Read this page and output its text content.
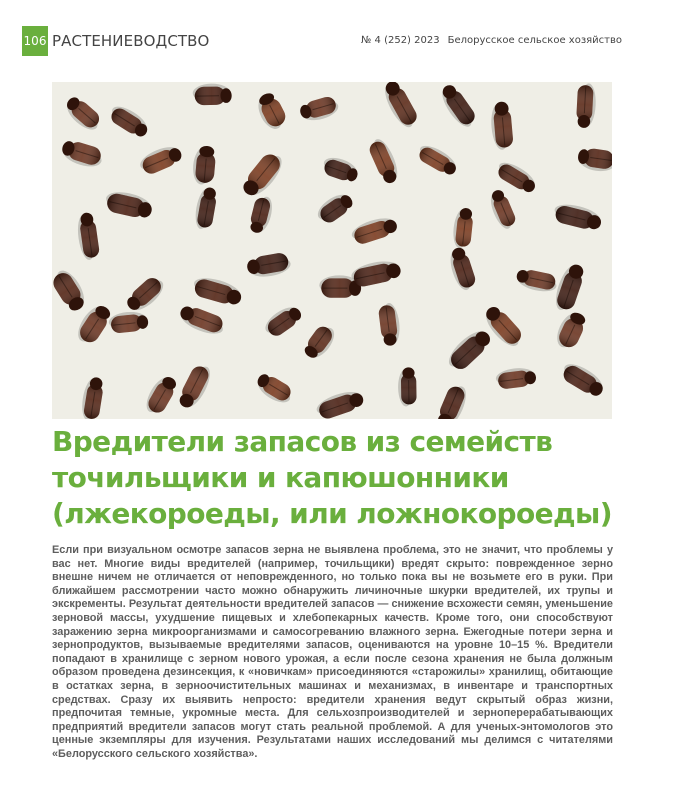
106 РАСТЕНИЕВОДСТВО	№ 4 (252) 2023 Белорусское сельское хозяйство
Вредители запасов из семейств точильщики и капюшонники (лжекороеды, или ложнокороеды)

Если при визуальном осмотре запасов зерна не выявлена проблема, это не значит, что проблемы у вас нет. Многие виды вредителей (например, точильщики) вредят скрыто: поврежденное зерно внешне ничем не отличается от неповрежденного, но только пока вы не возьмете его в руки. При ближайшем рассмотрении часто можно обнаружить личиночные шкурки вредителей, их трупы и экскременты. Результат деятельности вредителей запасов — снижение всхожести семян, уменьшение зерновой массы, ухудшение пищевых и хлебопекарных качеств. Кроме того, они способствуют заражению зерна микроорганизмами и самосогреванию влажного зерна. Ежегодные потери зерна и зернопродуктов, вызываемые вредителями запасов, оцениваются на уровне 10–15 %. Вредители попадают в хранилище с зерном нового урожая, а если после сезона хранения не была должным образом проведена дезинсекция, к «новичкам» присоединяются «старожилы» хранилищ, обитающие в остатках зерна, в зерноочистительных машинах и механизмах, в инвентаре и транспортных средствах. Сразу их выявить непросто: вредители хранения ведут скрытый образ жизни, предпочитая темные, укромные места. Для сельхозпроизводителей и зерноперерабатывающих предприятий вредители запасов могут стать реальной проблемой. А для ученых-энтомологов это ценные экземпляры для изучения. Результатами наших исследований мы делимся с читателями «Белорусского сельского хозяйства».
